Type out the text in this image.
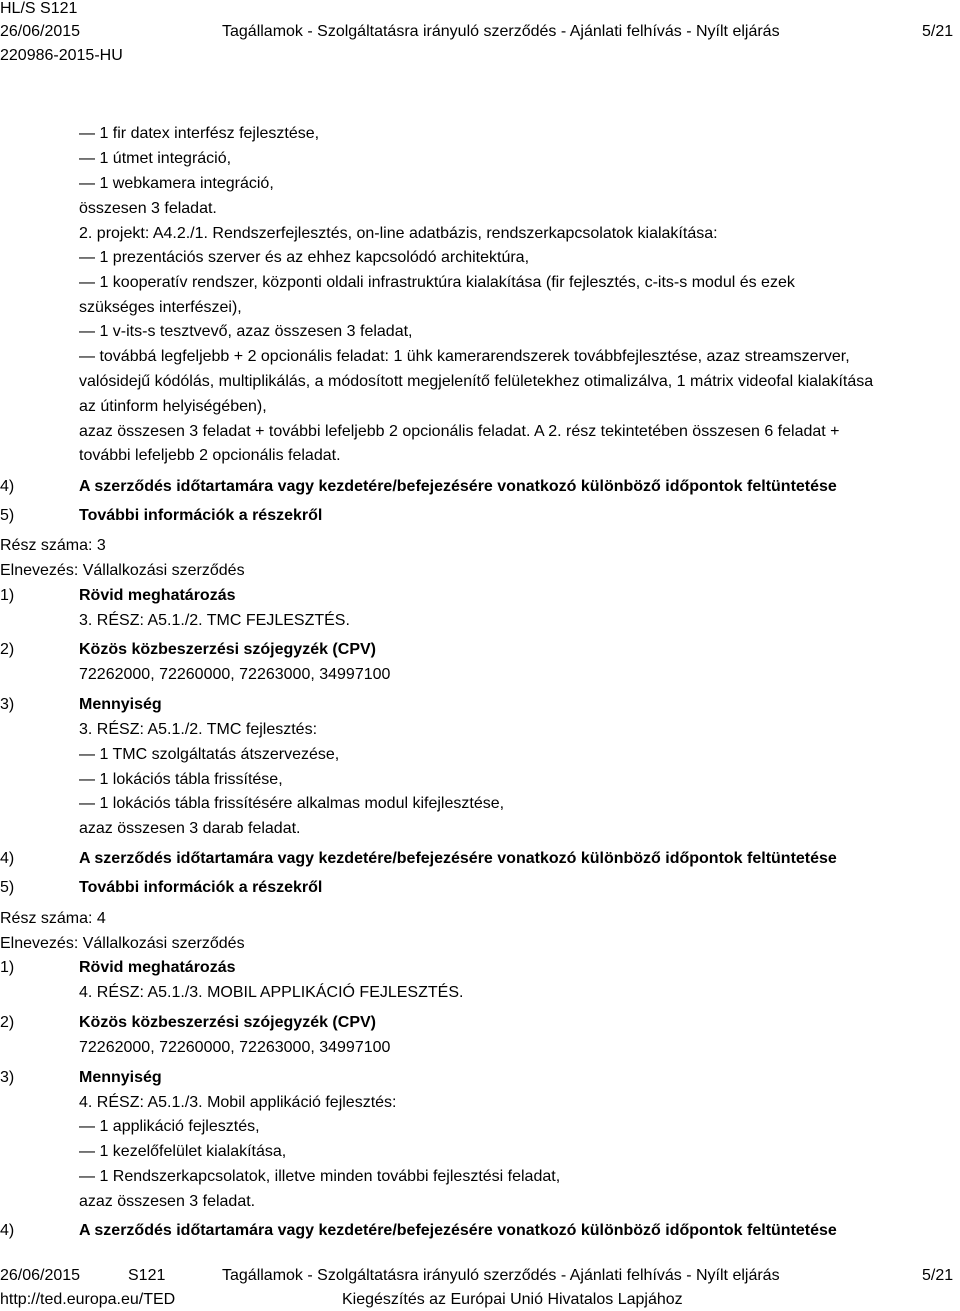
HL/S S121
26/06/2015	Tagállamok - Szolgáltatásra irányuló szerződés - Ajánlati felhívás - Nyílt eljárás	5/21
220986-2015-HU
— 1 fir datex interfész fejlesztése,
— 1 útmet integráció,
— 1 webkamera integráció,
összesen 3 feladat.
2. projekt: A4.2./1. Rendszerfejlesztés, on-line adatbázis, rendszerkapcsolatok kialakítása:
— 1 prezentációs szerver és az ehhez kapcsolódó architektúra,
— 1 kooperatív rendszer, központi oldali infrastruktúra kialakítása (fir fejlesztés, c-its-s modul és ezek
szükséges interfészei),
— 1 v-its-s tesztvevő, azaz összesen 3 feladat,
— továbbá legfeljebb + 2 opcionális feladat: 1 ühk kamerarendszerek továbbfejlesztése, azaz streamszerver,
valósidejű kódólás, multiplikálás, a módosított megjelenítő felületekhez otimalizálva, 1 mátrix videofal kialakítása
az útinform helyiségében),
azaz összesen 3 feladat + további lefeljebb 2 opcionális feladat. A 2. rész tekintetében összesen 6 feladat +
további lefeljebb 2 opcionális feladat.
4)	A szerződés időtartamára vagy kezdetére/befejezésére vonatkozó különböző időpontok feltüntetése
5)	További információk a részekről
Rész száma: 3
Elnevezés: Vállalkozási szerződés
1)	Rövid meghatározás
3. RÉSZ: A5.1./2. TMC FEJLESZTÉS.
2)	Közös közbeszerzési szójegyzék (CPV)
72262000, 72260000, 72263000, 34997100
3)	Mennyiség
3. RÉSZ: A5.1./2. TMC fejlesztés:
— 1 TMC szolgáltatás átszervezése,
— 1 lokációs tábla frissítése,
— 1 lokációs tábla frissítésére alkalmas modul kifejlesztése,
azaz összesen 3 darab feladat.
4)	A szerződés időtartamára vagy kezdetére/befejezésére vonatkozó különböző időpontok feltüntetése
5)	További információk a részekről
Rész száma: 4
Elnevezés: Vállalkozási szerződés
1)	Rövid meghatározás
4. RÉSZ: A5.1./3. MOBIL APPLIKÁCIÓ FEJLESZTÉS.
2)	Közös közbeszerzési szójegyzék (CPV)
72262000, 72260000, 72263000, 34997100
3)	Mennyiség
4. RÉSZ: A5.1./3. Mobil applikáció fejlesztés:
— 1 applikáció fejlesztés,
— 1 kezelőfelület kialakítása,
— 1 Rendszerkapcsolatok, illetve minden további fejlesztési feladat,
azaz összesen 3 feladat.
4)	A szerződés időtartamára vagy kezdetére/befejezésére vonatkozó különböző időpontok feltüntetése
26/06/2015	S121	Tagállamok - Szolgáltatásra irányuló szerződés - Ajánlati felhívás - Nyílt eljárás	5/21
http://ted.europa.eu/TED	Kiegészítés az Európai Unió Hivatalos Lapjához
